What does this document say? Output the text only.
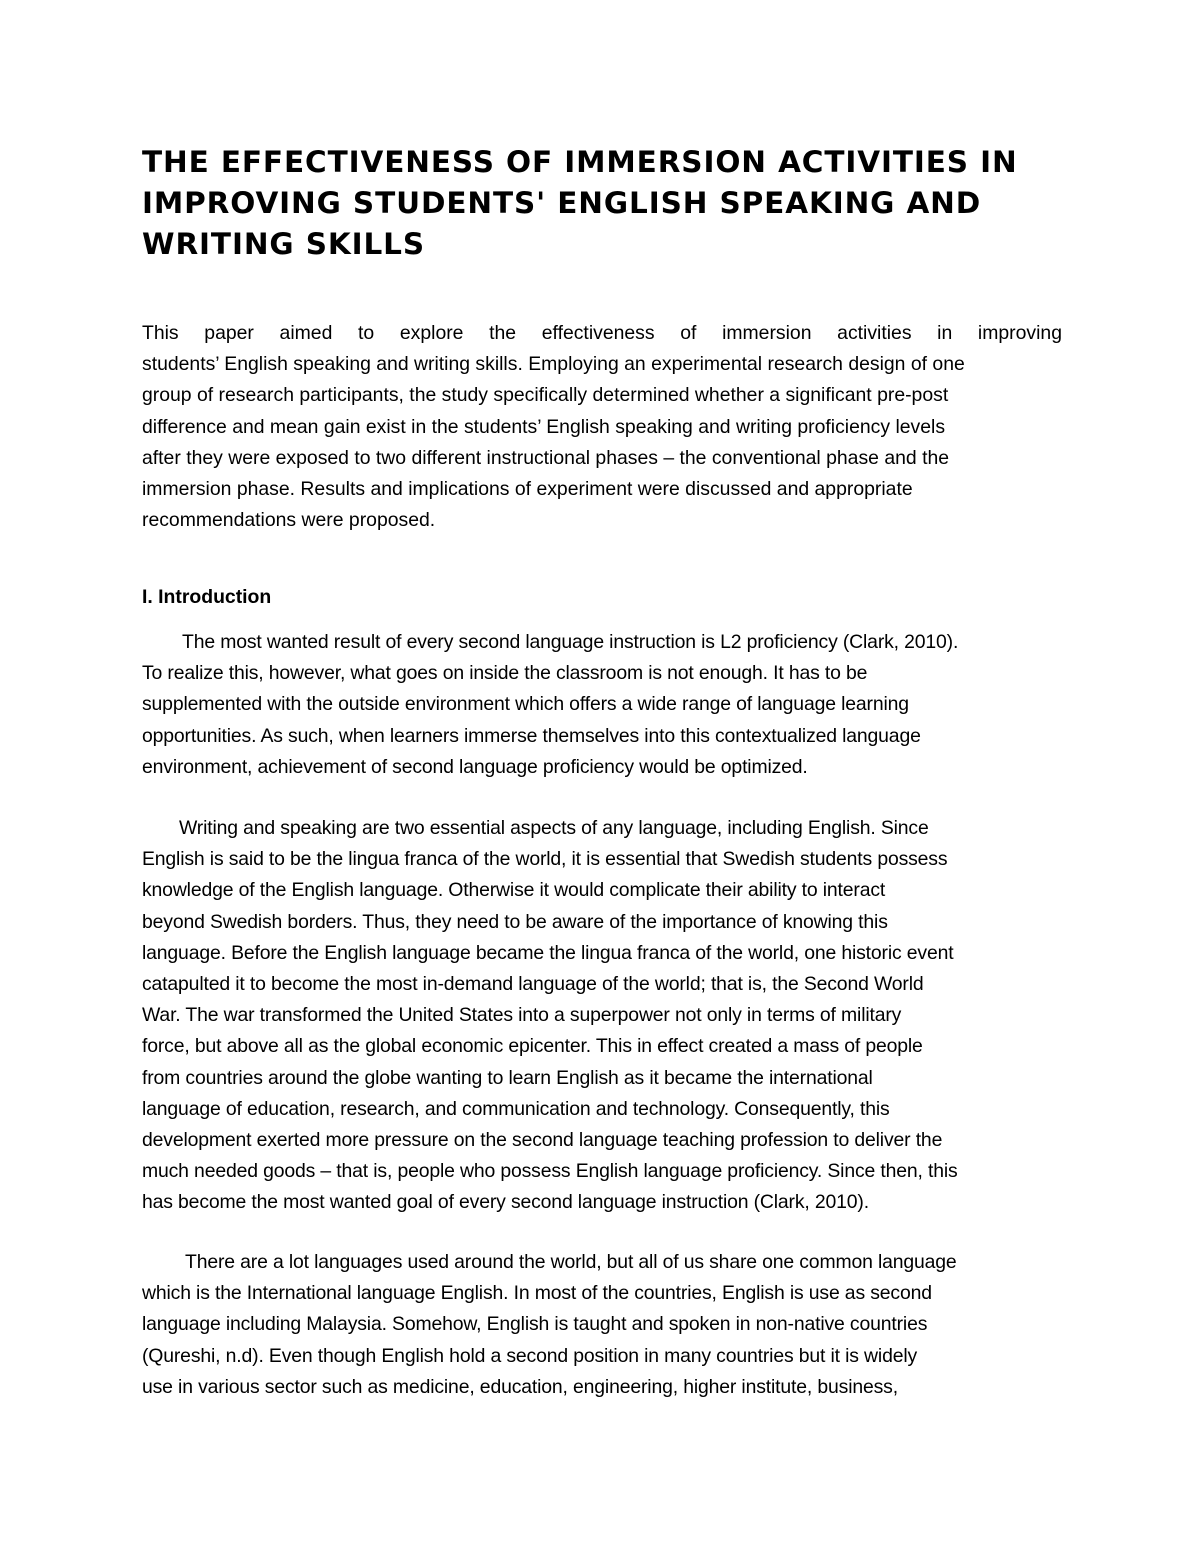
THE EFFECTIVENESS OF IMMERSION ACTIVITIES IN
IMPROVING STUDENTS' ENGLISH SPEAKING AND
WRITING SKILLS

This paper aimed to explore the effectiveness of immersion activities in improving
students’ English speaking and writing skills. Employing an experimental research design of one
group of research participants, the study specifically determined whether a significant pre-post
difference and mean gain exist in the students’ English speaking and writing proficiency levels
after they were exposed to two different instructional phases – the conventional phase and the
immersion phase. Results and implications of experiment were discussed and appropriate
recommendations were proposed.

I. Introduction

The most wanted result of every second language instruction is L2 proficiency (Clark, 2010).
To realize this, however, what goes on inside the classroom is not enough. It has to be
supplemented with the outside environment which offers a wide range of language learning
opportunities. As such, when learners immerse themselves into this contextualized language
environment, achievement of second language proficiency would be optimized.

Writing and speaking are two essential aspects of any language, including English. Since
English is said to be the lingua franca of the world, it is essential that Swedish students possess
knowledge of the English language. Otherwise it would complicate their ability to interact
beyond Swedish borders. Thus, they need to be aware of the importance of knowing this
language. Before the English language became the lingua franca of the world, one historic event
catapulted it to become the most in-demand language of the world; that is, the Second World
War. The war transformed the United States into a superpower not only in terms of military
force, but above all as the global economic epicenter. This in effect created a mass of people
from countries around the globe wanting to learn English as it became the international
language of education, research, and communication and technology. Consequently, this
development exerted more pressure on the second language teaching profession to deliver the
much needed goods – that is, people who possess English language proficiency. Since then, this
has become the most wanted goal of every second language instruction (Clark, 2010).

There are a lot languages used around the world, but all of us share one common language
which is the International language English. In most of the countries, English is use as second
language including Malaysia. Somehow, English is taught and spoken in non-native countries
(Qureshi, n.d). Even though English hold a second position in many countries but it is widely
use in various sector such as medicine, education, engineering, higher institute, business,
